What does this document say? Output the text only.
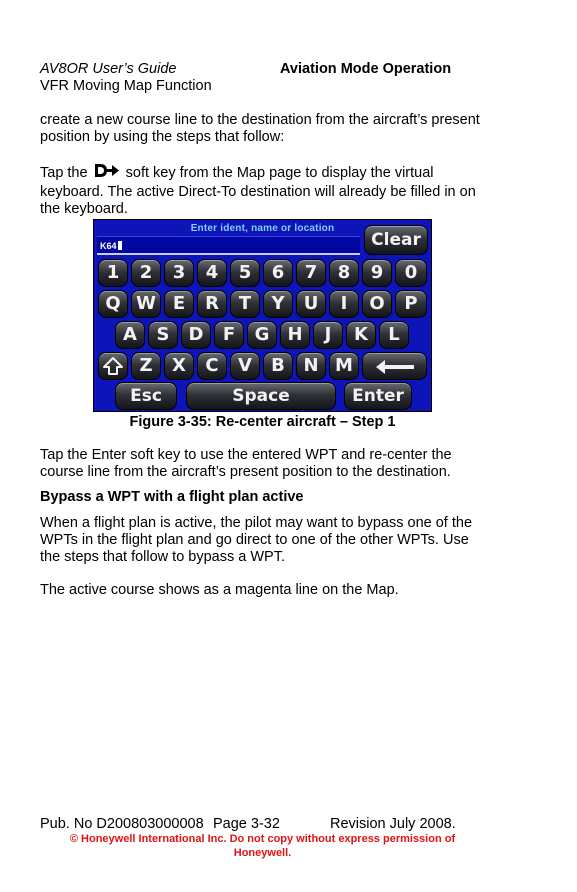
AV8OR User’s Guide
VFR Moving Map Function
Aviation Mode Operation
create a new course line to the destination from the aircraft’s present
position by using the steps that follow:
Tap the	soft key from the Map page to display the virtual
keyboard. The active Direct-To destination will already be filled in on
the keyboard.
Enter ident, name or location
K64	Clear
1	2	3	4	5	6	7	8	9	0
Q W E	R	T	Y	U	I	O	P
A	S	D	F	G	H	J	K	L
Z	X	C	V	B	N M
Esc	Space	Enter
Figure 3-35: Re-center aircraft – Step 1
Tap the Enter soft key to use the entered WPT and re-center the
course line from the aircraft’s present position to the destination.
Bypass a WPT with a flight plan active
When a flight plan is active, the pilot may want to bypass one of the
WPTs in the flight plan and go direct to one of the other WPTs. Use
the steps that follow to bypass a WPT.
The active course shows as a magenta line on the Map.
Pub. No D200803000008 Page 3-32	Revision July 2008.
© Honeywell International Inc. Do not copy without express permission of
Honeywell.
